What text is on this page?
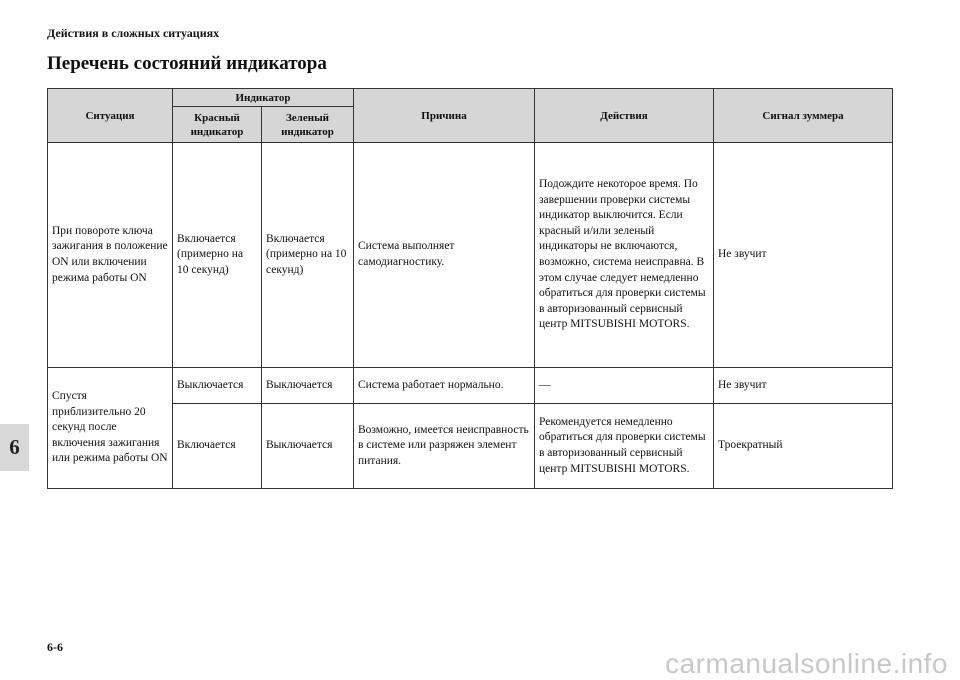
Действия в сложных ситуациях
Перечень состояний индикатора
Ситуация	Индикатор		Причина	Действия	Сигнал зуммера
	Красный индикатор	Зеленый индикатор			
При повороте ключа зажигания в положение ON или включении режима работы ON	Включается (примерно на 10 секунд)	Включается (примерно на 10 секунд)	Система выполняет самодиагностику.	Подождите некоторое время. По завершении проверки системы индикатор выключится. Если красный и/или зеленый индикаторы не включаются, возможно, система неисправна. В этом случае следует немедленно обратиться для проверки системы в авторизованный сервисный центр MITSUBISHI MOTORS.	Не звучит
Спустя приблизительно 20 секунд после включения зажигания или режима работы ON	Выключается	Выключается	Система работает нормально.	—	Не звучит
	Включается	Выключается	Возможно, имеется неисправность в системе или разряжен элемент питания.	Рекомендуется немедленно обратиться для проверки системы в авторизованный сервисный центр MITSUBISHI MOTORS.	Троекратный
6
6-6
carmanualsonline.info
